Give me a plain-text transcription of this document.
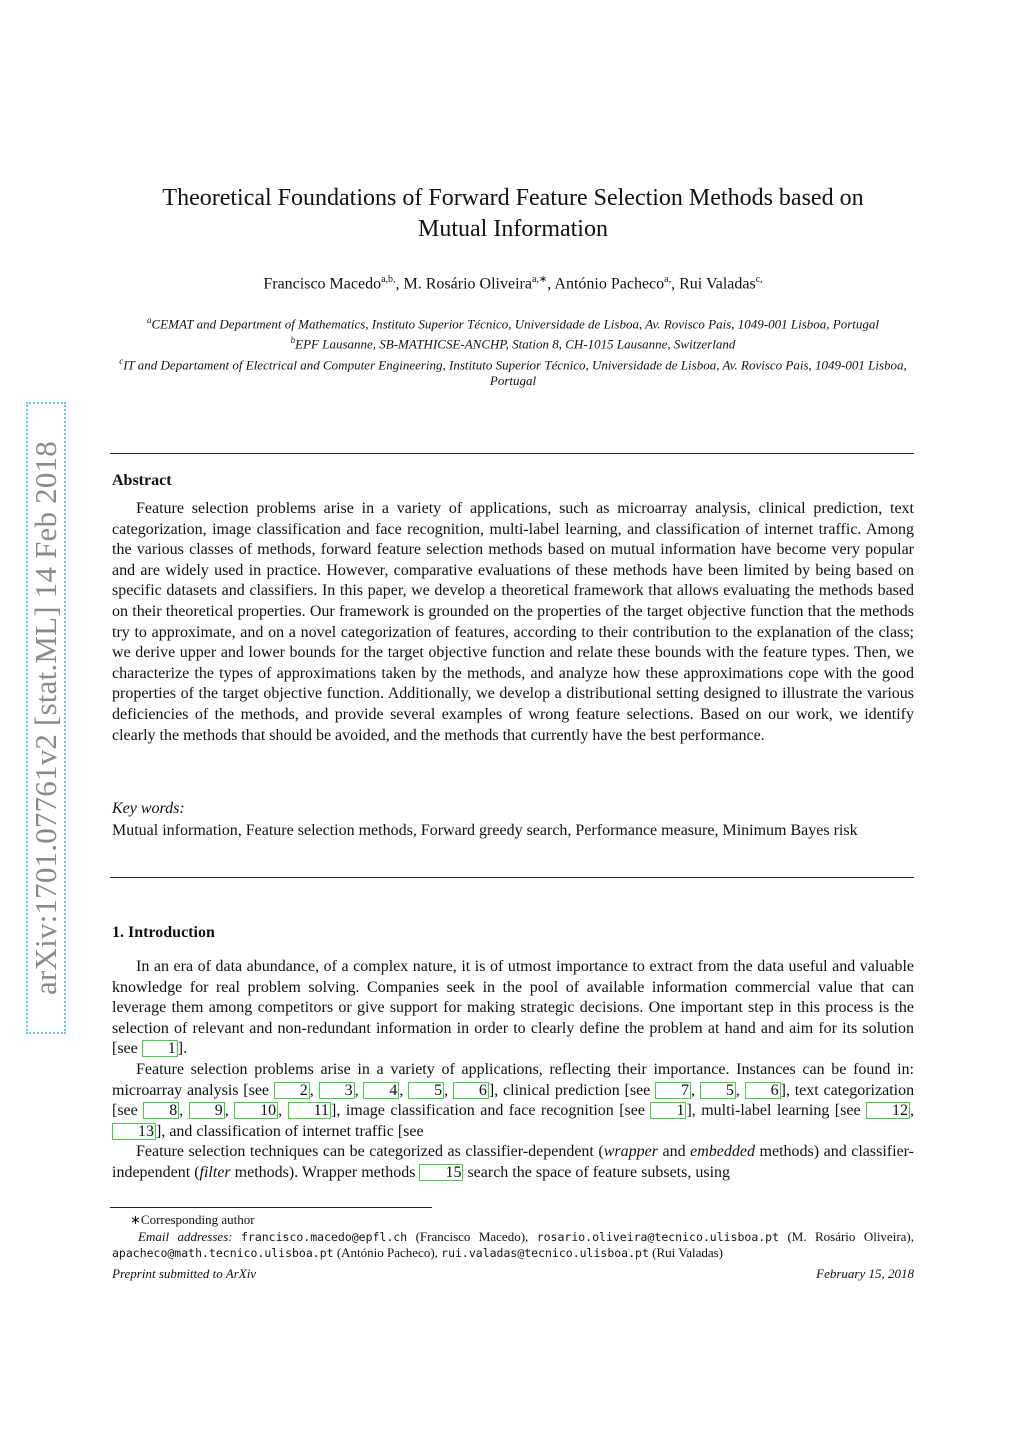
arXiv:1701.07761v2 [stat.ML] 14 Feb 2018
Theoretical Foundations of Forward Feature Selection Methods based on
Mutual Information
Francisco Macedo$^{a,b,}$, M. Rosário Oliveira$^{a,∗}$, António Pacheco$^{a,}$, Rui Valadas$^{c,}$

$^a$CEMAT and Department of Mathematics, Instituto Superior Técnico, Universidade de Lisboa, Av. Rovisco Pais, 1049-001 Lisboa, Portugal

$^b$EPF Lausanne, SB-MATHICSE-ANCHP, Station 8, CH-1015 Lausanne, Switzerland

$^c$IT and Departament of Electrical and Computer Engineering, Instituto Superior Técnico, Universidade de Lisboa, Av. Rovisco Pais, 1049-001 Lisboa, Portugal

Abstract

Feature selection problems arise in a variety of applications, such as microarray analysis, clinical prediction, text categorization, image classification and face recognition, multi-label learning, and classification of internet traffic. Among the various classes of methods, forward feature selection methods based on mutual information have become very popular and are widely used in practice. However, comparative evaluations of these methods have been limited by being based on specific datasets and classifiers. In this paper, we develop a theoretical framework that allows evaluating the methods based on their theoretical properties. Our framework is grounded on the properties of the target objective function that the methods try to approximate, and on a novel categorization of features, according to their contribution to the explanation of the class; we derive upper and lower bounds for the target objective function and relate these bounds with the feature types. Then, we characterize the types of approximations taken by the methods, and analyze how these approximations cope with the good properties of the target objective function. Additionally, we develop a distributional setting designed to illustrate the various deficiencies of the methods, and provide several examples of wrong feature selections. Based on our work, we identify clearly the methods that should be avoided, and the methods that currently have the best performance.

Key words:

Mutual information, Feature selection methods, Forward greedy search, Performance measure, Minimum Bayes risk

1. Introduction

In an era of data abundance, of a complex nature, it is of utmost importance to extract from the data useful and valuable knowledge for real problem solving. Companies seek in the pool of available information commercial value that can leverage them among competitors or give support for making strategic decisions. One important step in this process is the selection of relevant and non-redundant information in order to clearly define the problem at hand and aim for its solution [see 1 ].

Feature selection problems arise in a variety of applications, reflecting their importance. Instances can be found in: microarray analysis [see 2 , 3 , 4 , 5 , 6 ], clinical prediction [see 7 , 5 , 6 ], text categorization [see 8 , 9 , 10 , 11 ], image classification and face recognition [see 1 ], multi-label learning [see 12 , 13 ], and classification of internet traffic [see

Feature selection techniques can be categorized as classifier-dependent (wrapper and embedded methods) and classifier-independent (filter methods). Wrapper methods 15 search the space of feature subsets, using

∗Corresponding author

Email addresses: francisco.macedo@epfl.ch (Francisco Macedo), rosario.oliveira@tecnico.ulisboa.pt (M. Rosário Oliveira), apacheco@math.tecnico.ulisboa.pt (António Pacheco), rui.valadas@tecnico.ulisboa.pt (Rui Valadas)

Preprint submitted to ArXiv	February 15, 2018
